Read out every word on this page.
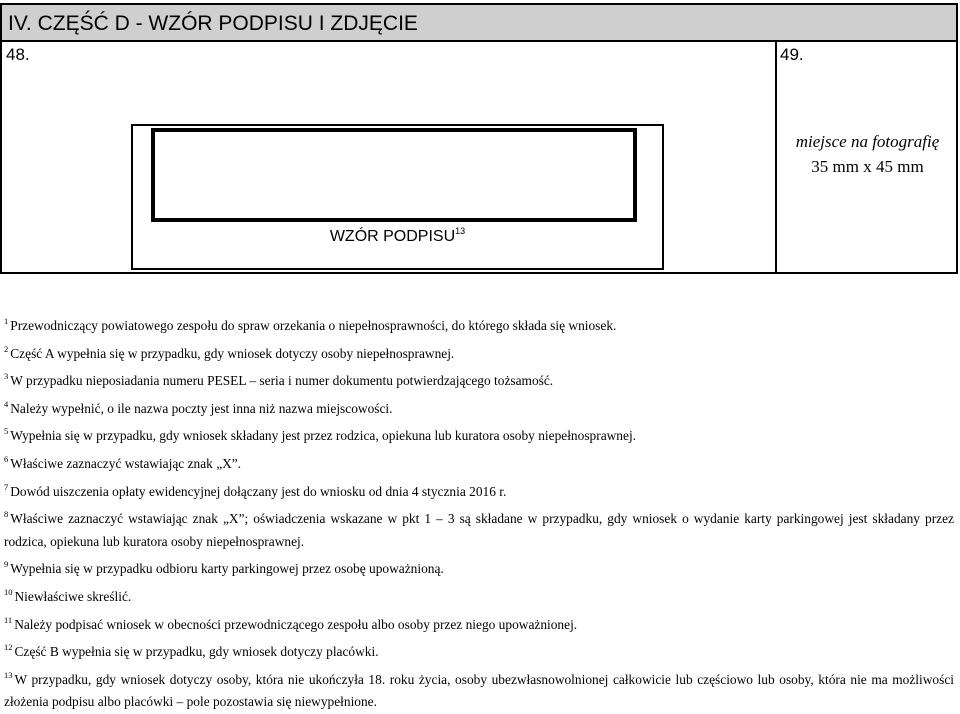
IV. CZĘŚĆ D - WZÓR PODPISU I ZDJĘCIE
48.	49.
WZÓR PODPISU$^{13}$
miejsce na fotografię
35 mm x 45 mm
$^1$ Przewodniczący powiatowego zespołu do spraw orzekania o niepełnosprawności, do którego składa się wniosek.
$^2$ Część A wypełnia się w przypadku, gdy wniosek dotyczy osoby niepełnosprawnej.
$^3$ W przypadku nieposiadania numeru PESEL – seria i numer dokumentu potwierdzającego tożsamość.
$^4$ Należy wypełnić, o ile nazwa poczty jest inna niż nazwa miejscowości.
$^5$ Wypełnia się w przypadku, gdy wniosek składany jest przez rodzica, opiekuna lub kuratora osoby niepełnosprawnej.
$^6$ Właściwe zaznaczyć wstawiając znak „X”.
$^7$ Dowód uiszczenia opłaty ewidencyjnej dołączany jest do wniosku od dnia 4 stycznia 2016 r.
$^8$ Właściwe zaznaczyć wstawiając znak „X”; oświadczenia wskazane w pkt 1 – 3 są składane w przypadku, gdy wniosek o wydanie karty parkingowej jest składany przez rodzica, opiekuna lub kuratora osoby niepełnosprawnej.
$^9$ Wypełnia się w przypadku odbioru karty parkingowej przez osobę upoważnioną.
$^{10}$ Niewłaściwe skreślić.
$^{11}$ Należy podpisać wniosek w obecności przewodniczącego zespołu albo osoby przez niego upoważnionej.
$^{12}$ Część B wypełnia się w przypadku, gdy wniosek dotyczy placówki.
$^{13}$ W przypadku, gdy wniosek dotyczy osoby, która nie ukończyła 18. roku życia, osoby ubezwłasnowolnionej całkowicie lub częściowo lub osoby, która nie ma możliwości złożenia podpisu albo placówki – pole pozostawia się niewypełnione.
